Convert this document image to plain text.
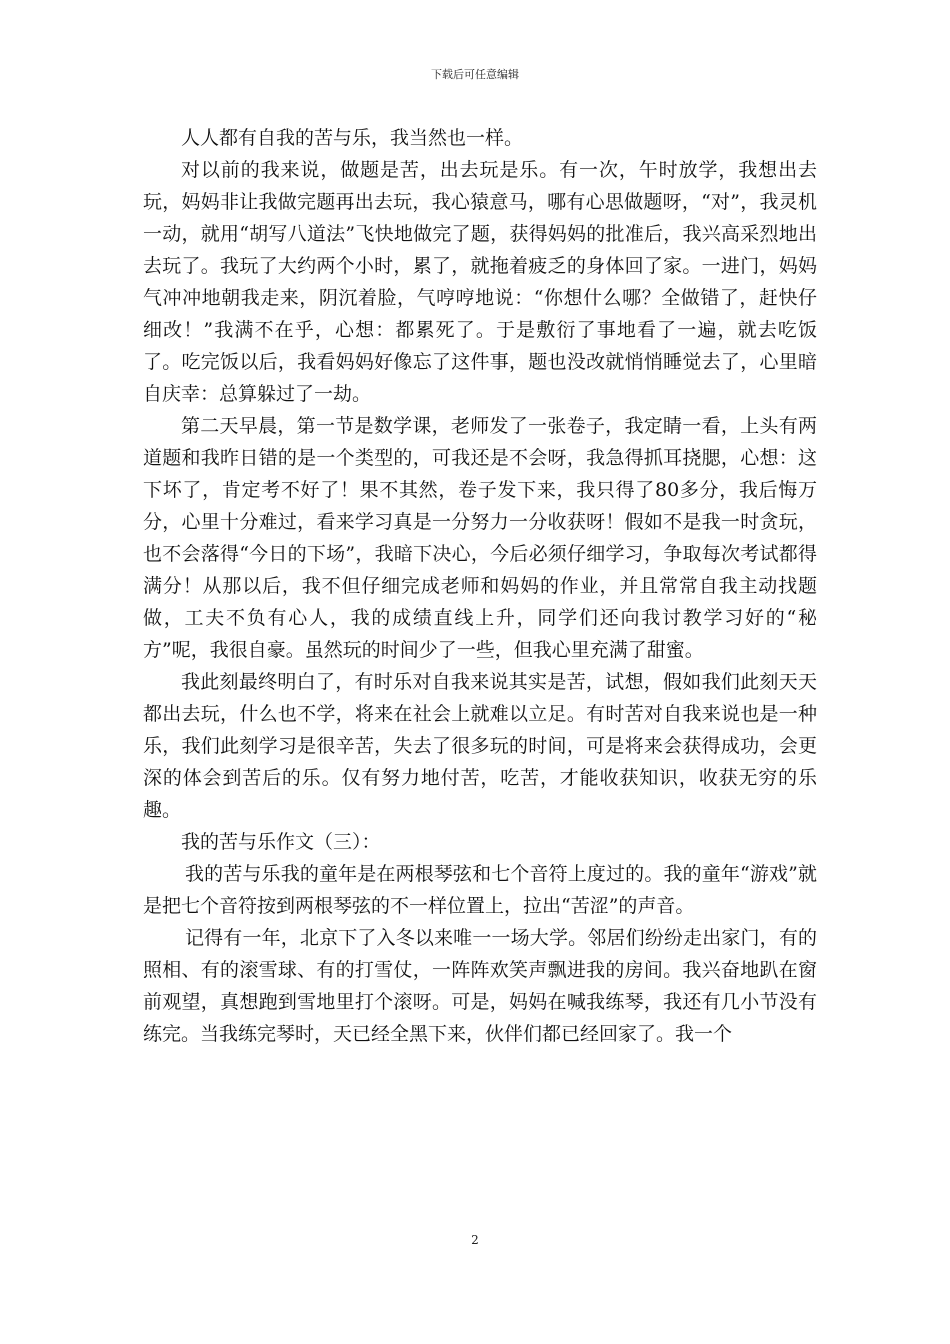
下载后可任意编辑

人人都有自我的苦与乐，我当然也一样。

对以前的我来说，做题是苦，出去玩是乐。有一次，午时放学，我想出去玩，妈妈非让我做完题再出去玩，我心猿意马，哪有心思做题呀，“对”，我灵机一动，就用“胡写八道法”飞快地做完了题，获得妈妈的批准后，我兴高采烈地出去玩了。我玩了大约两个小时，累了，就拖着疲乏的身体回了家。一进门，妈妈气冲冲地朝我走来，阴沉着脸，气哼哼地说：“你想什么哪？全做错了，赶快仔细改！”我满不在乎，心想：都累死了。于是敷衍了事地看了一遍，就去吃饭了。吃完饭以后，我看妈妈好像忘了这件事，题也没改就悄悄睡觉去了，心里暗自庆幸：总算躲过了一劫。

第二天早晨，第一节是数学课，老师发了一张卷子，我定睛一看，上头有两道题和我昨日错的是一个类型的，可我还是不会呀，我急得抓耳挠腮，心想：这下坏了，肯定考不好了！果不其然，卷子发下来，我只得了80多分，我后悔万分，心里十分难过，看来学习真是一分努力一分收获呀！假如不是我一时贪玩，也不会落得“今日的下场”，我暗下决心，今后必须仔细学习，争取每次考试都得满分！从那以后，我不但仔细完成老师和妈妈的作业，并且常常自我主动找题做，工夫不负有心人，我的成绩直线上升，同学们还向我讨教学习好的“秘方”呢，我很自豪。虽然玩的时间少了一些，但我心里充满了甜蜜。

我此刻最终明白了，有时乐对自我来说其实是苦，试想，假如我们此刻天天都出去玩，什么也不学，将来在社会上就难以立足。有时苦对自我来说也是一种乐，我们此刻学习是很辛苦，失去了很多玩的时间，可是将来会获得成功，会更深的体会到苦后的乐。仅有努力地付苦，吃苦，才能收获知识，收获无穷的乐趣。

我的苦与乐作文（三）：

我的苦与乐我的童年是在两根琴弦和七个音符上度过的。我的童年“游戏”就是把七个音符按到两根琴弦的不一样位置上，拉出“苦涩”的声音。

记得有一年，北京下了入冬以来唯一一场大学。邻居们纷纷走出家门，有的照相、有的滚雪球、有的打雪仗，一阵阵欢笑声飘进我的房间。我兴奋地趴在窗前观望，真想跑到雪地里打个滚呀。可是，妈妈在喊我练琴，我还有几小节没有练完。当我练完琴时，天已经全黑下来，伙伴们都已经回家了。我一个

2
